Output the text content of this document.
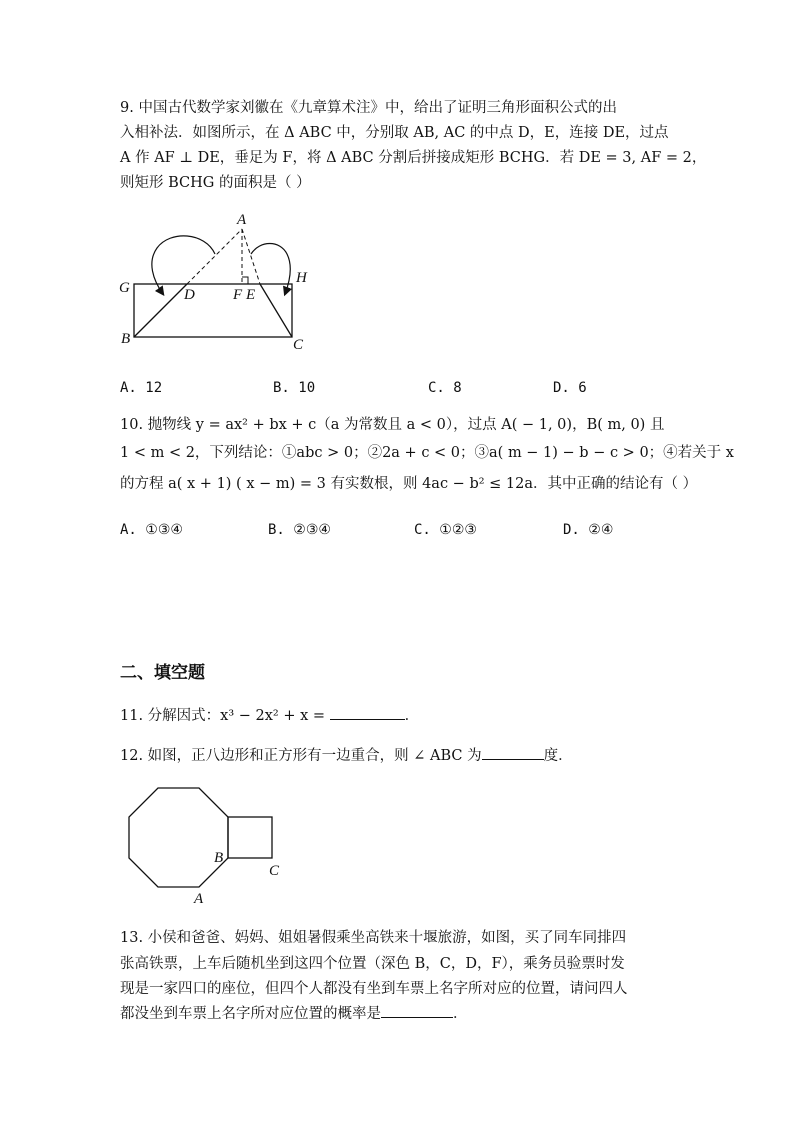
9. 中国古代数学家刘徽在《九章算术注》中，给出了证明三角形面积公式的出
入相补法．如图所示，在 Δ ABC 中，分别取 AB, AC 的中点 D，E，连接 DE，过点
A 作 AF ⊥ DE，垂足为 F，将 Δ ABC 分割后拼接成矩形 BCHG．若 DE = 3, AF = 2，
则矩形 BCHG 的面积是（ ）
A
G	D	F E
H
B	C
A. 12	B. 10	C. 8	D. 6
10. 抛物线 y = ax² + bx + c（a 为常数且 a < 0），过点 A( − 1, 0)，B( m, 0) 且
1 < m < 2，下列结论：①abc > 0；②2a + c < 0；③a( m − 1) − b − c > 0；④若关于 x
的方程 a( x + 1) ( x − m) = 3 有实数根，则 4ac − b² ≤ 12a．其中正确的结论有（ ）
A. ①③④	B. ②③④	C. ①②③	D. ②④
二、填空题
11. 分解因式：x³ − 2x² + x =	．
12. 如图，正八边形和正方形有一边重合，则 ∠ ABC 为	度．
B
C
A
13. 小侯和爸爸、妈妈、姐姐暑假乘坐高铁来十堰旅游，如图，买了同车同排四
张高铁票，上车后随机坐到这四个位置（深色 B，C，D，F），乘务员验票时发
现是一家四口的座位，但四个人都没有坐到车票上名字所对应的位置，请问四人
都没坐到车票上名字所对应位置的概率是	．
